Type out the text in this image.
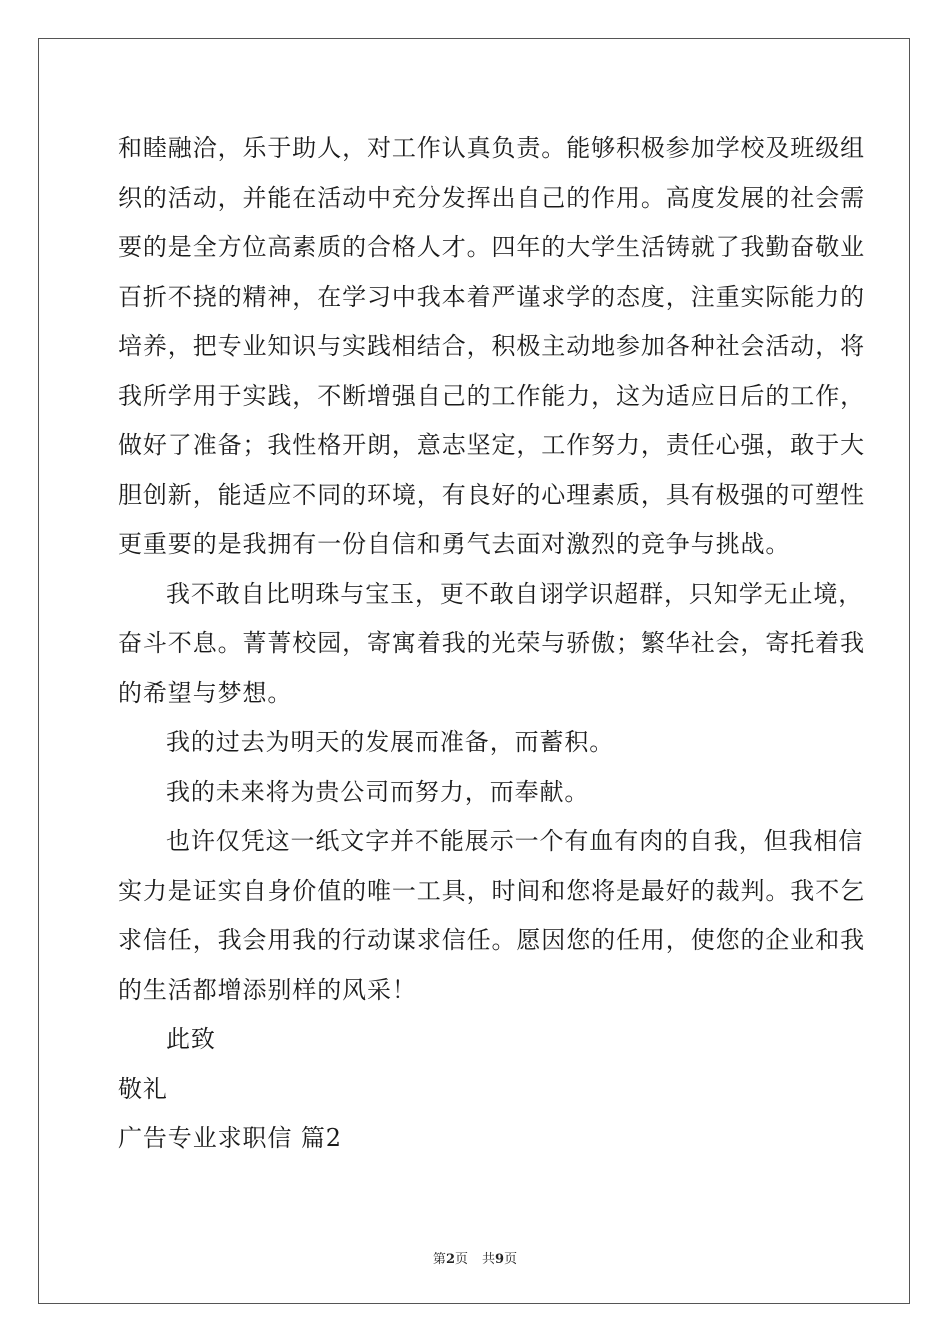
和睦融洽，乐于助人，对工作认真负责。能够积极参加学校及班级组
织的活动，并能在活动中充分发挥出自己的作用。高度发展的社会需
要的是全方位高素质的合格人才。四年的大学生活铸就了我勤奋敬业
百折不挠的精神，在学习中我本着严谨求学的态度，注重实际能力的
培养，把专业知识与实践相结合，积极主动地参加各种社会活动，将
我所学用于实践，不断增强自己的工作能力，这为适应日后的工作，
做好了准备；我性格开朗，意志坚定，工作努力，责任心强，敢于大
胆创新，能适应不同的环境，有良好的心理素质，具有极强的可塑性
更重要的是我拥有一份自信和勇气去面对激烈的竞争与挑战。
我不敢自比明珠与宝玉，更不敢自诩学识超群，只知学无止境，
奋斗不息。菁菁校园，寄寓着我的光荣与骄傲；繁华社会，寄托着我
的希望与梦想。
我的过去为明天的发展而准备，而蓄积。
我的未来将为贵公司而努力，而奉献。
也许仅凭这一纸文字并不能展示一个有血有肉的自我，但我相信
实力是证实自身价值的唯一工具，时间和您将是最好的裁判。我不乞
求信任，我会用我的行动谋求信任。愿因您的任用，使您的企业和我
的生活都增添别样的风采！
此致
敬礼
广告专业求职信 篇2
第2页 共9页
